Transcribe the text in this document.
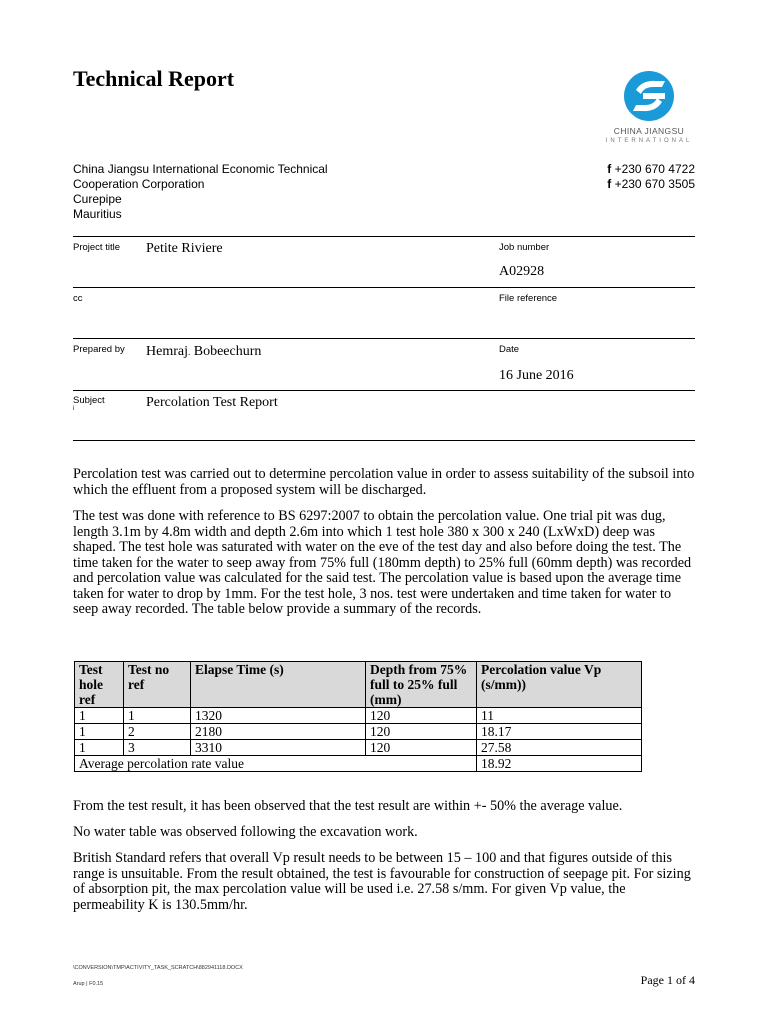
Technical Report
CHINA JIANGSU
INTERNATIONAL
China Jiangsu International Economic Technical
Cooperation Corporation
Curepipe
Mauritius
f +230 670 4722
f +230 670 3505
Project title Petite Riviere	Job number
A02928
cc	File reference
Prepared by Hemraj. Bobeechurn	Date
16 June 2016
Subject
i	Percolation Test Report

Percolation test was carried out to determine percolation value in order to assess suitability of the subsoil into which the effluent from a proposed system will be discharged.

The test was done with reference to BS 6297:2007 to obtain the percolation value. One trial pit was dug, length 3.1m by 4.8m width and depth 2.6m into which 1 test hole 380 x 300 x 240 (LxWxD) deep was shaped. The test hole was saturated with water on the eve of the test day and also before doing the test. The time taken for the water to seep away from 75% full (180mm depth) to 25% full (60mm depth) was recorded and percolation value was calculated for the said test. The percolation value is based upon the average time taken for water to drop by 1mm. For the test hole, 3 nos. test were undertaken and time taken for water to seep away recorded. The table below provide a summary of the records.

Test hole ref	Test no ref	Elapse Time (s)	Depth from 75% full to 25% full (mm)	Percolation value Vp (s/mm))
1	1	1320	120	11
1	2	2180	120	18.17
1	3	3310	120	27.58
Average percolation rate value				18.92

From the test result, it has been observed that the test result are within +- 50% the average value.

No water table was observed following the excavation work.

British Standard refers that overall Vp result needs to be between 15 – 100 and that figures outside of this range is unsuitable. From the result obtained, the test is favourable for construction of seepage pit. For sizing of absorption pit, the max percolation value will be used i.e. 27.58 s/mm. For given Vp value, the permeability K is 130.5mm/hr.

\CONVERSION\TMP\ACTIVITY_TASK_SCRATCH\882941118.DOCX
Arup | F0.15	Page 1 of 4
